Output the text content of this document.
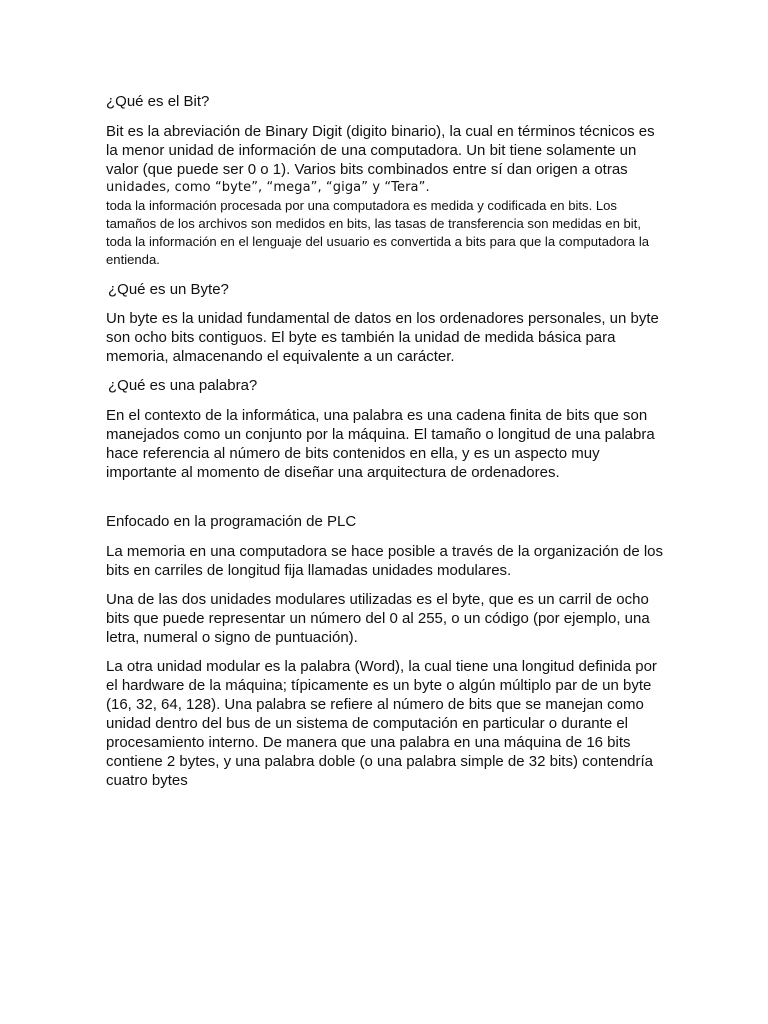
¿Qué es el Bit?

Bit es la abreviación de Binary Digit (digito binario), la cual en términos técnicos es la menor unidad de información de una computadora. Un bit tiene solamente un valor (que puede ser 0 o 1). Varios bits combinados entre sí dan origen a otras
unidades, como “byte”, “mega”, “giga” y “Tera”.

toda la información procesada por una computadora es medida y codificada en bits. Los tamaños de los archivos son medidos en bits, las tasas de transferencia son medidas en bit, toda la información en el lenguaje del usuario es convertida a bits para que la computadora la entienda.

¿Qué es un Byte?

Un byte es la unidad fundamental de datos en los ordenadores personales, un byte son ocho bits contiguos. El byte es también la unidad de medida básica para memoria, almacenando el equivalente a un carácter.

¿Qué es una palabra?

En el contexto de la informática, una palabra es una cadena finita de bits que son manejados como un conjunto por la máquina. El tamaño o longitud de una palabra hace referencia al número de bits contenidos en ella, y es un aspecto muy importante al momento de diseñar una arquitectura de ordenadores.

Enfocado en la programación de PLC

La memoria en una computadora se hace posible a través de la organización de los bits en carriles de longitud fija llamadas unidades modulares.

Una de las dos unidades modulares utilizadas es el byte, que es un carril de ocho bits que puede representar un número del 0 al 255, o un código (por ejemplo, una letra, numeral o signo de puntuación).

La otra unidad modular es la palabra (Word), la cual tiene una longitud definida por el hardware de la máquina; típicamente es un byte o algún múltiplo par de un byte (16, 32, 64, 128). Una palabra se refiere al número de bits que se manejan como unidad dentro del bus de un sistema de computación en particular o durante el procesamiento interno. De manera que una palabra en una máquina de 16 bits contiene 2 bytes, y una palabra doble (o una palabra simple de 32 bits) contendría cuatro bytes
